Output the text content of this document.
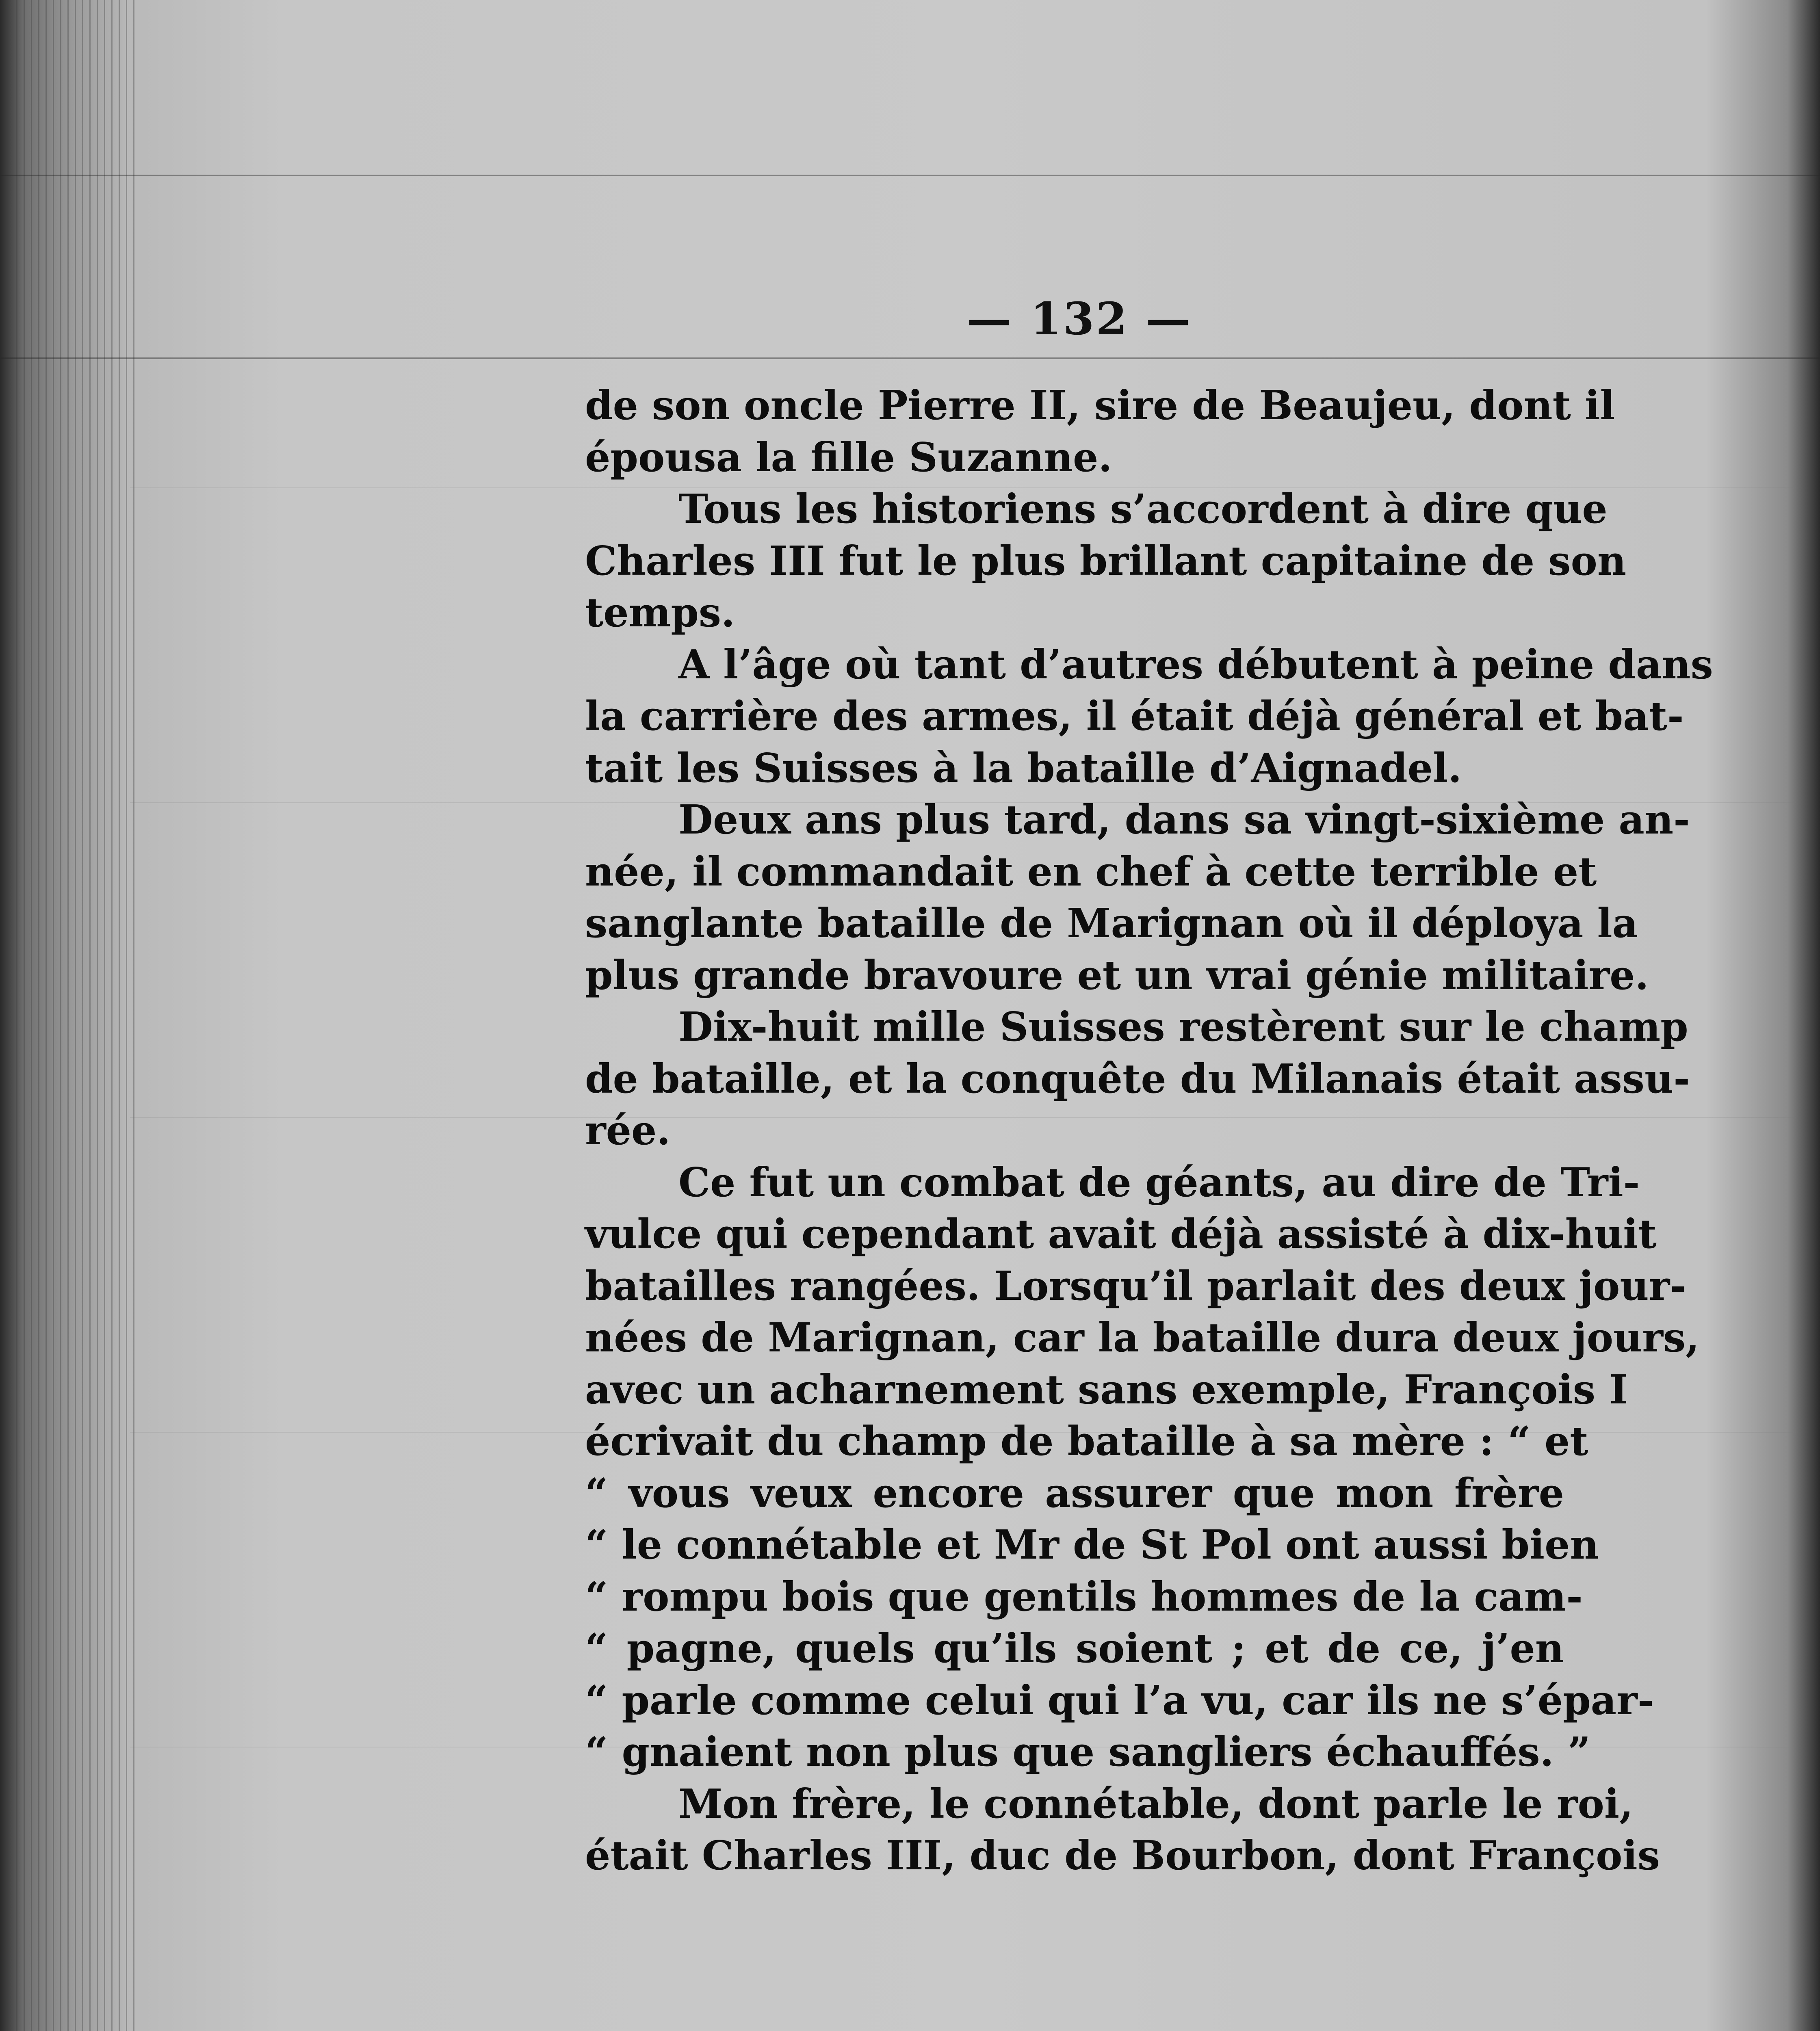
— 132 —
de son oncle Pierre II, sire de Beaujeu, dont il
épousa la fille Suzanne.
Tous les historiens s’accordent à dire que
Charles III fut le plus brillant capitaine de son
temps.
A l’âge où tant d’autres débutent à peine dans
la carrière des armes, il était déjà général et bat-
tait les Suisses à la bataille d’Aignadel.
Deux ans plus tard, dans sa vingt-sixième an-
née, il commandait en chef à cette terrible et
sanglante bataille de Marignan où il déploya la
plus grande bravoure et un vrai génie militaire.
Dix-huit mille Suisses restèrent sur le champ
de bataille, et la conquête du Milanais était assu-
rée.
Ce fut un combat de géants, au dire de Tri-
vulce qui cependant avait déjà assisté à dix-huit
batailles rangées. Lorsqu’il parlait des deux jour-
nées de Marignan, car la bataille dura deux jours,
avec un acharnement sans exemple, François I
écrivait du champ de bataille à sa mère : “ et
“ vous veux encore assurer que mon frère
“ le connétable et Mr de St Pol ont aussi bien
“ rompu bois que gentils hommes de la cam-
“ pagne, quels qu’ils soient ; et de ce, j’en
“ parle comme celui qui l’a vu, car ils ne s’épar-
“ gnaient non plus que sangliers échauffés. ”
Mon frère, le connétable, dont parle le roi,
était Charles III, duc de Bourbon, dont François
